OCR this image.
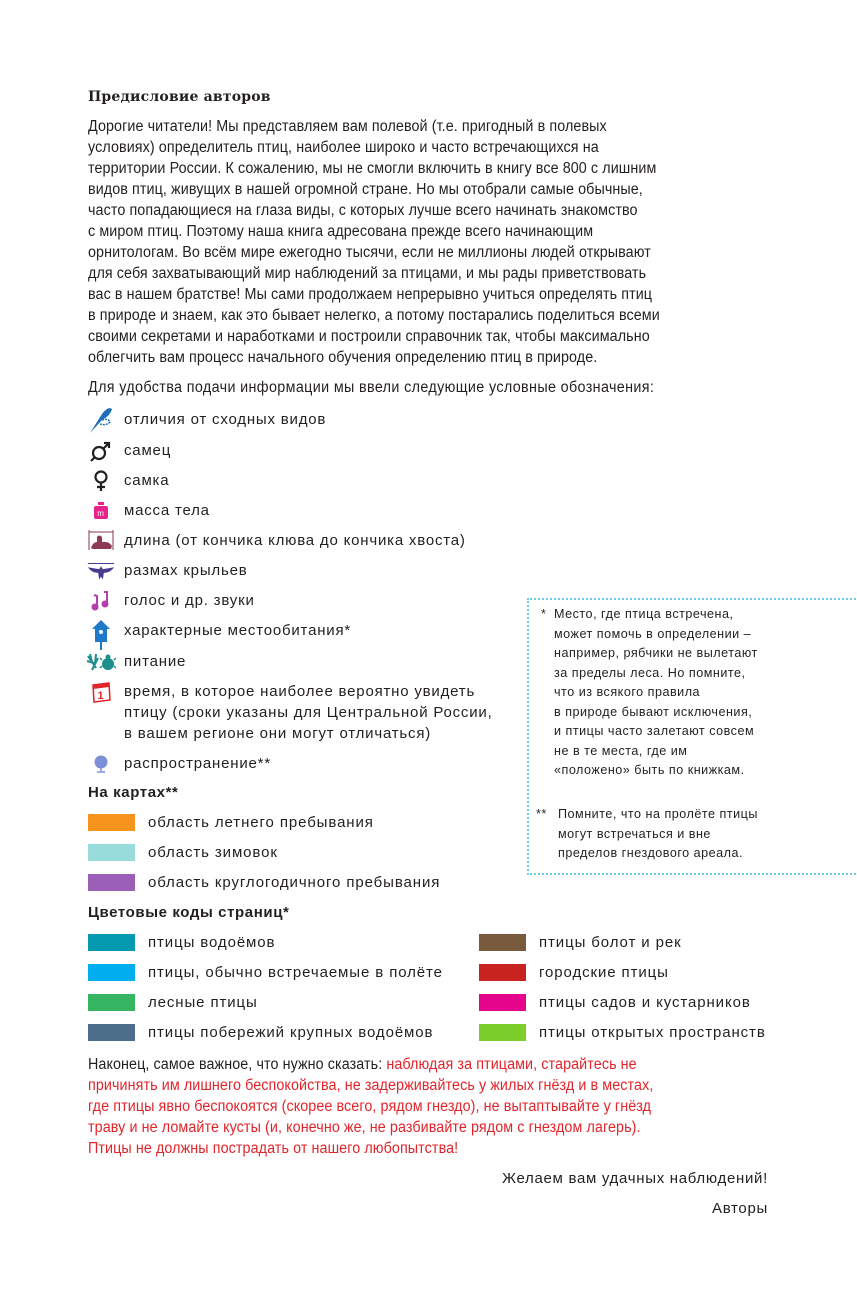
Предисловие авторов
Дорогие читатели! Мы представляем вам полевой (т.е. пригодный в полевых
условиях) определитель птиц, наиболее широко и часто встречающихся на
территории России. К сожалению, мы не смогли включить в книгу все 800 с лишним
видов птиц, живущих в нашей огромной стране. Но мы отобрали самые обычные,
часто попадающиеся на глаза виды, с которых лучше всего начинать знакомство
с миром птиц. Поэтому наша книга адресована прежде всего начинающим
орнитологам. Во всём мире ежегодно тысячи, если не миллионы людей открывают
для себя захватывающий мир наблюдений за птицами, и мы рады приветствовать
вас в нашем братстве! Мы сами продолжаем непрерывно учиться определять птиц
в природе и знаем, как это бывает нелегко, а потому постарались поделиться всеми
своими секретами и наработками и построили справочник так, чтобы максимально
облегчить вам процесс начального обучения определению птиц в природе.
Для удобства подачи информации мы ввели следующие условные обозначения:
отличия от сходных видов
самец
самка
m масса тела
длина (от кончика клюва до кончика хвоста)
размах крыльев
голос и др. звуки
характерные местообитания*
питание
1 время, в которое наиболее вероятно увидеть
птицу (сроки указаны для Центральной России,
в вашем регионе они могут отличаться)
распространение**
На картах**
область летнего пребывания
область зимовок
область круглогодичного пребывания
Цветовые коды страниц*
птицы водоёмов
птицы, обычно встречаемые в полёте
лесные птицы
птицы побережий крупных водоёмов
птицы болот и рек
городские птицы
птицы садов и кустарников
птицы открытых пространств
* Место, где птица встречена,
может помочь в определении –
например, рябчики не вылетают
за пределы леса. Но помните,
что из всякого правила
в природе бывают исключения,
и птицы часто залетают совсем
не в те места, где им
«положено» быть по книжкам.
** Помните, что на пролёте птицы
могут встречаться и вне
пределов гнездового ареала.
Наконец, самое важное, что нужно сказать: наблюдая за птицами, старайтесь не
причинять им лишнего беспокойства, не задерживайтесь у жилых гнёзд и в местах,
где птицы явно беспокоятся (скорее всего, рядом гнездо), не вытаптывайте у гнёзд
траву и не ломайте кусты (и, конечно же, не разбивайте рядом с гнездом лагерь).
Птицы не должны пострадать от нашего любопытства!
Желаем вам удачных наблюдений!
Авторы
